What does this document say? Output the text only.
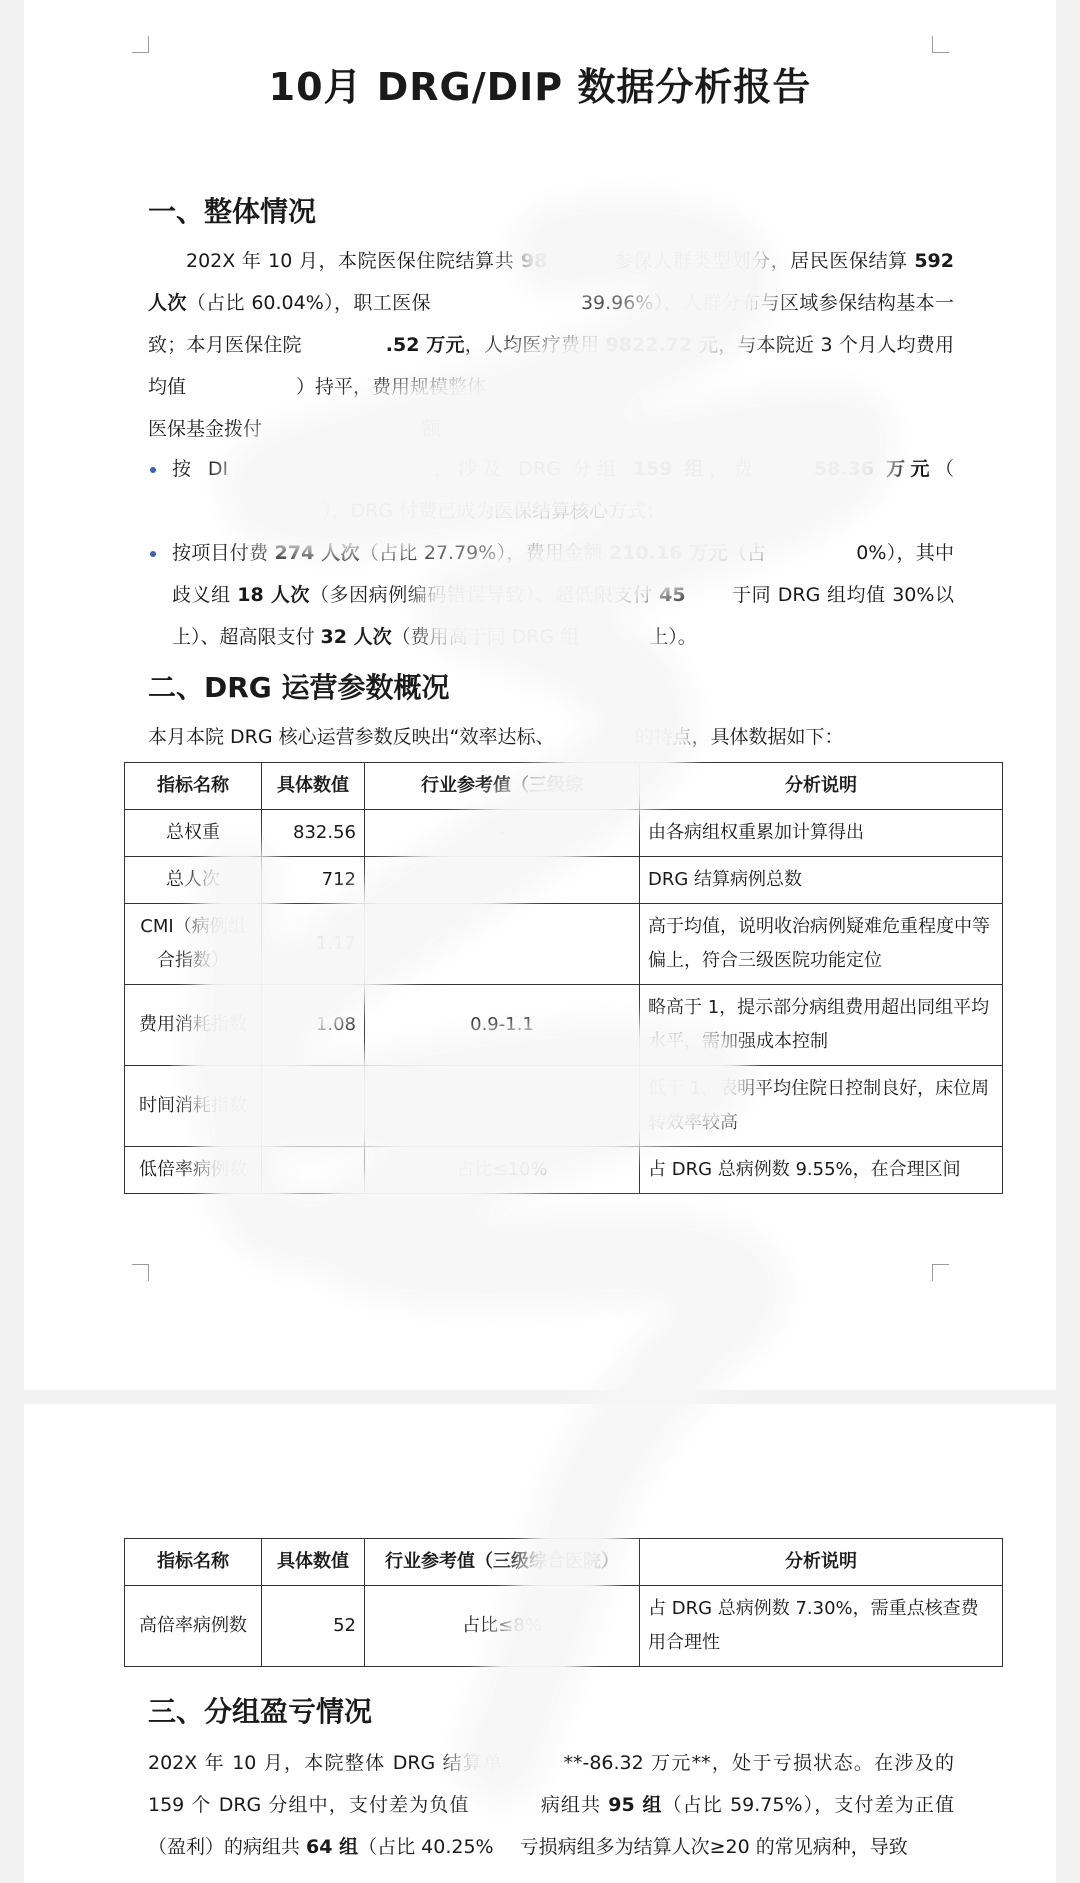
10月 DRG/DIP 数据分析报告
一、整体情况
202X 年 10 月，本院医保住院结算共 98	参保人群类型划分，居民医保结算 592 人次（占比 60.04%），职工医保	39.96%），人群分布与区域参保结构基本一致；本月医保住院	.52 万元，人均医疗费用 9822.72 元，与本院近 3 个月人均费用均值	）持平，费用规模整体
医保基金拨付	额
按 DI	，涉及 DRG 分组 159 组，费	58.36 万元（），DRG 付费已成为医保结算核心方式；
按项目付费 274 人次（占比 27.79%），费用金额 210.16 万元（占	0%），其中歧义组 18 人次（多因病例编码错误导致）、超低限支付 45 于同 DRG 组均值 30%以上）、超高限支付 32 人次（费用高于同 DRG 组	上）。
二、DRG 运营参数概况
本月本院 DRG 核心运营参数反映出“效率达标、	的特点，具体数据如下：
指标名称	具体数值	行业参考值（三级综	分析说明
总权重	832.56	-	由各病组权重累加计算得出
总人次	712		DRG 结算病例总数
CMI（病例组合指数）	1.17		高于均值，说明收治病例疑难危重程度中等偏上，符合三级医院功能定位
费用消耗指数	1.08	0.9-1.1	略高于 1，提示部分病组费用超出同组平均水平，需加强成本控制
时间消耗指数			低于 1，表明平均住院日控制良好，床位周转效率较高
低倍率病例数		占比≤10%	占 DRG 总病例数 9.55%，在合理区间
指标名称	具体数值	行业参考值（三级综合医院）	分析说明
高倍率病例数	52	占比≤8%	占 DRG 总病例数 7.30%，需重点核查费用合理性
三、分组盈亏情况
202X 年 10 月，本院整体 DRG 结算单	**-86.32 万元**，处于亏损状态。在涉及的 159 个 DRG 分组中，支付差为负值	病组共 95 组（占比 59.75%），支付差为正值（盈利）的病组共 64 组（占比 40.25% 亏损病组多为结算人次≥20 的常见病种，导致
